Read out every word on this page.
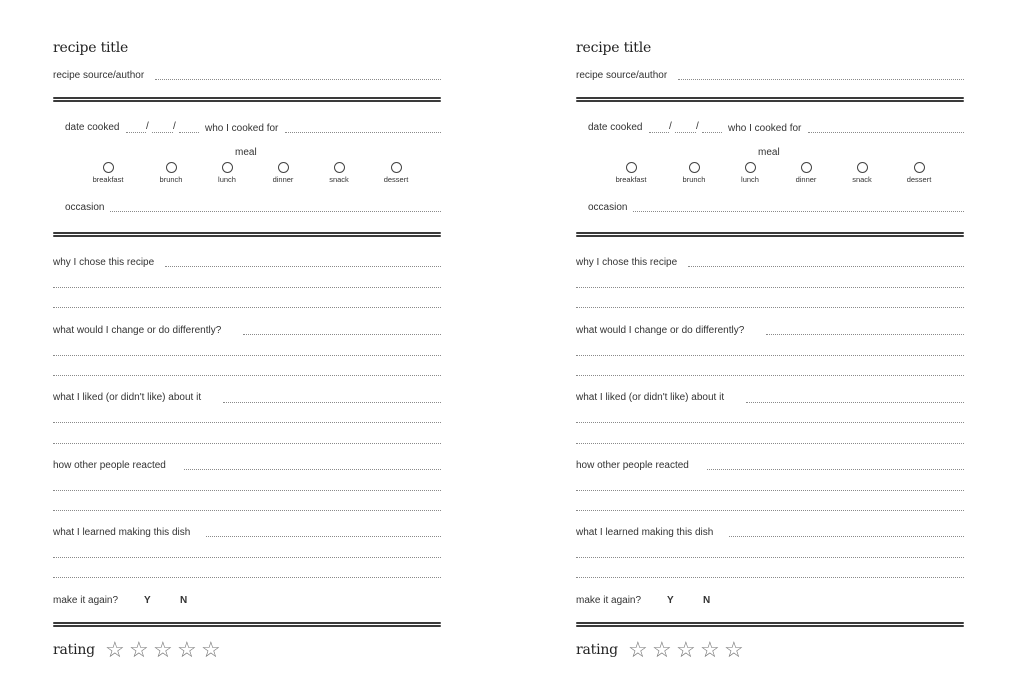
recipe title
recipe source/author
date cooked	/ /	who I cooked for
meal
breakfast	brunch	lunch	dinner	snack	dessert
occasion
why I chose this recipe
what would I change or do differently?
what I liked (or didn't like) about it
how other people reacted
what I learned making this dish
make it again?	Y	N
rating ☆ ☆ ☆ ☆ ☆
recipe title
recipe source/author
date cooked	/ /	who I cooked for
meal
breakfast	brunch	lunch	dinner	snack	dessert
occasion
why I chose this recipe
what would I change or do differently?
what I liked (or didn't like) about it
how other people reacted
what I learned making this dish
make it again?	Y	N
rating ☆ ☆ ☆ ☆ ☆
